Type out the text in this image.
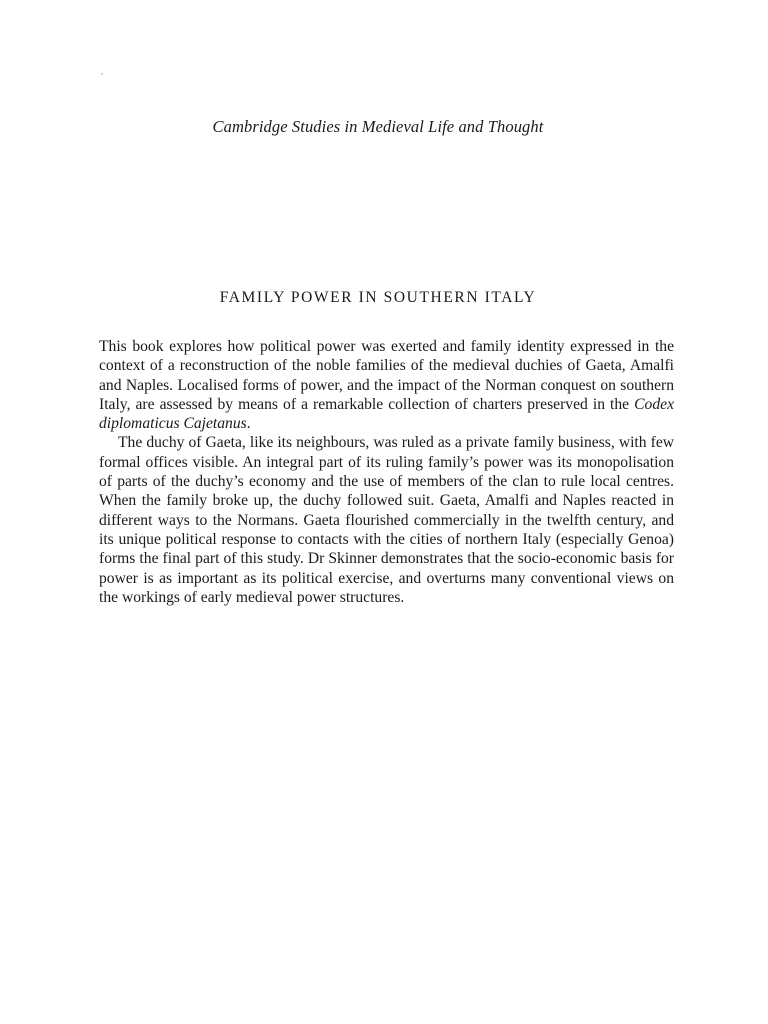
Cambridge Studies in Medieval Life and Thought
FAMILY POWER IN SOUTHERN ITALY

This book explores how political power was exerted and family identity expressed in the context of a reconstruction of the noble families of the medieval duchies of Gaeta, Amalfi and Naples. Localised forms of power, and the impact of the Norman conquest on southern Italy, are assessed by means of a remarkable collection of charters preserved in the Codex diplomaticus Cajetanus.

The duchy of Gaeta, like its neighbours, was ruled as a private family business, with few formal offices visible. An integral part of its ruling family’s power was its monopolisation of parts of the duchy’s economy and the use of members of the clan to rule local centres. When the family broke up, the duchy followed suit. Gaeta, Amalfi and Naples reacted in different ways to the Normans. Gaeta flourished commercially in the twelfth century, and its unique political response to contacts with the cities of northern Italy (especially Genoa) forms the final part of this study. Dr Skinner demonstrates that the socio-economic basis for power is as important as its political exercise, and overturns many conventional views on the workings of early medieval power structures.
